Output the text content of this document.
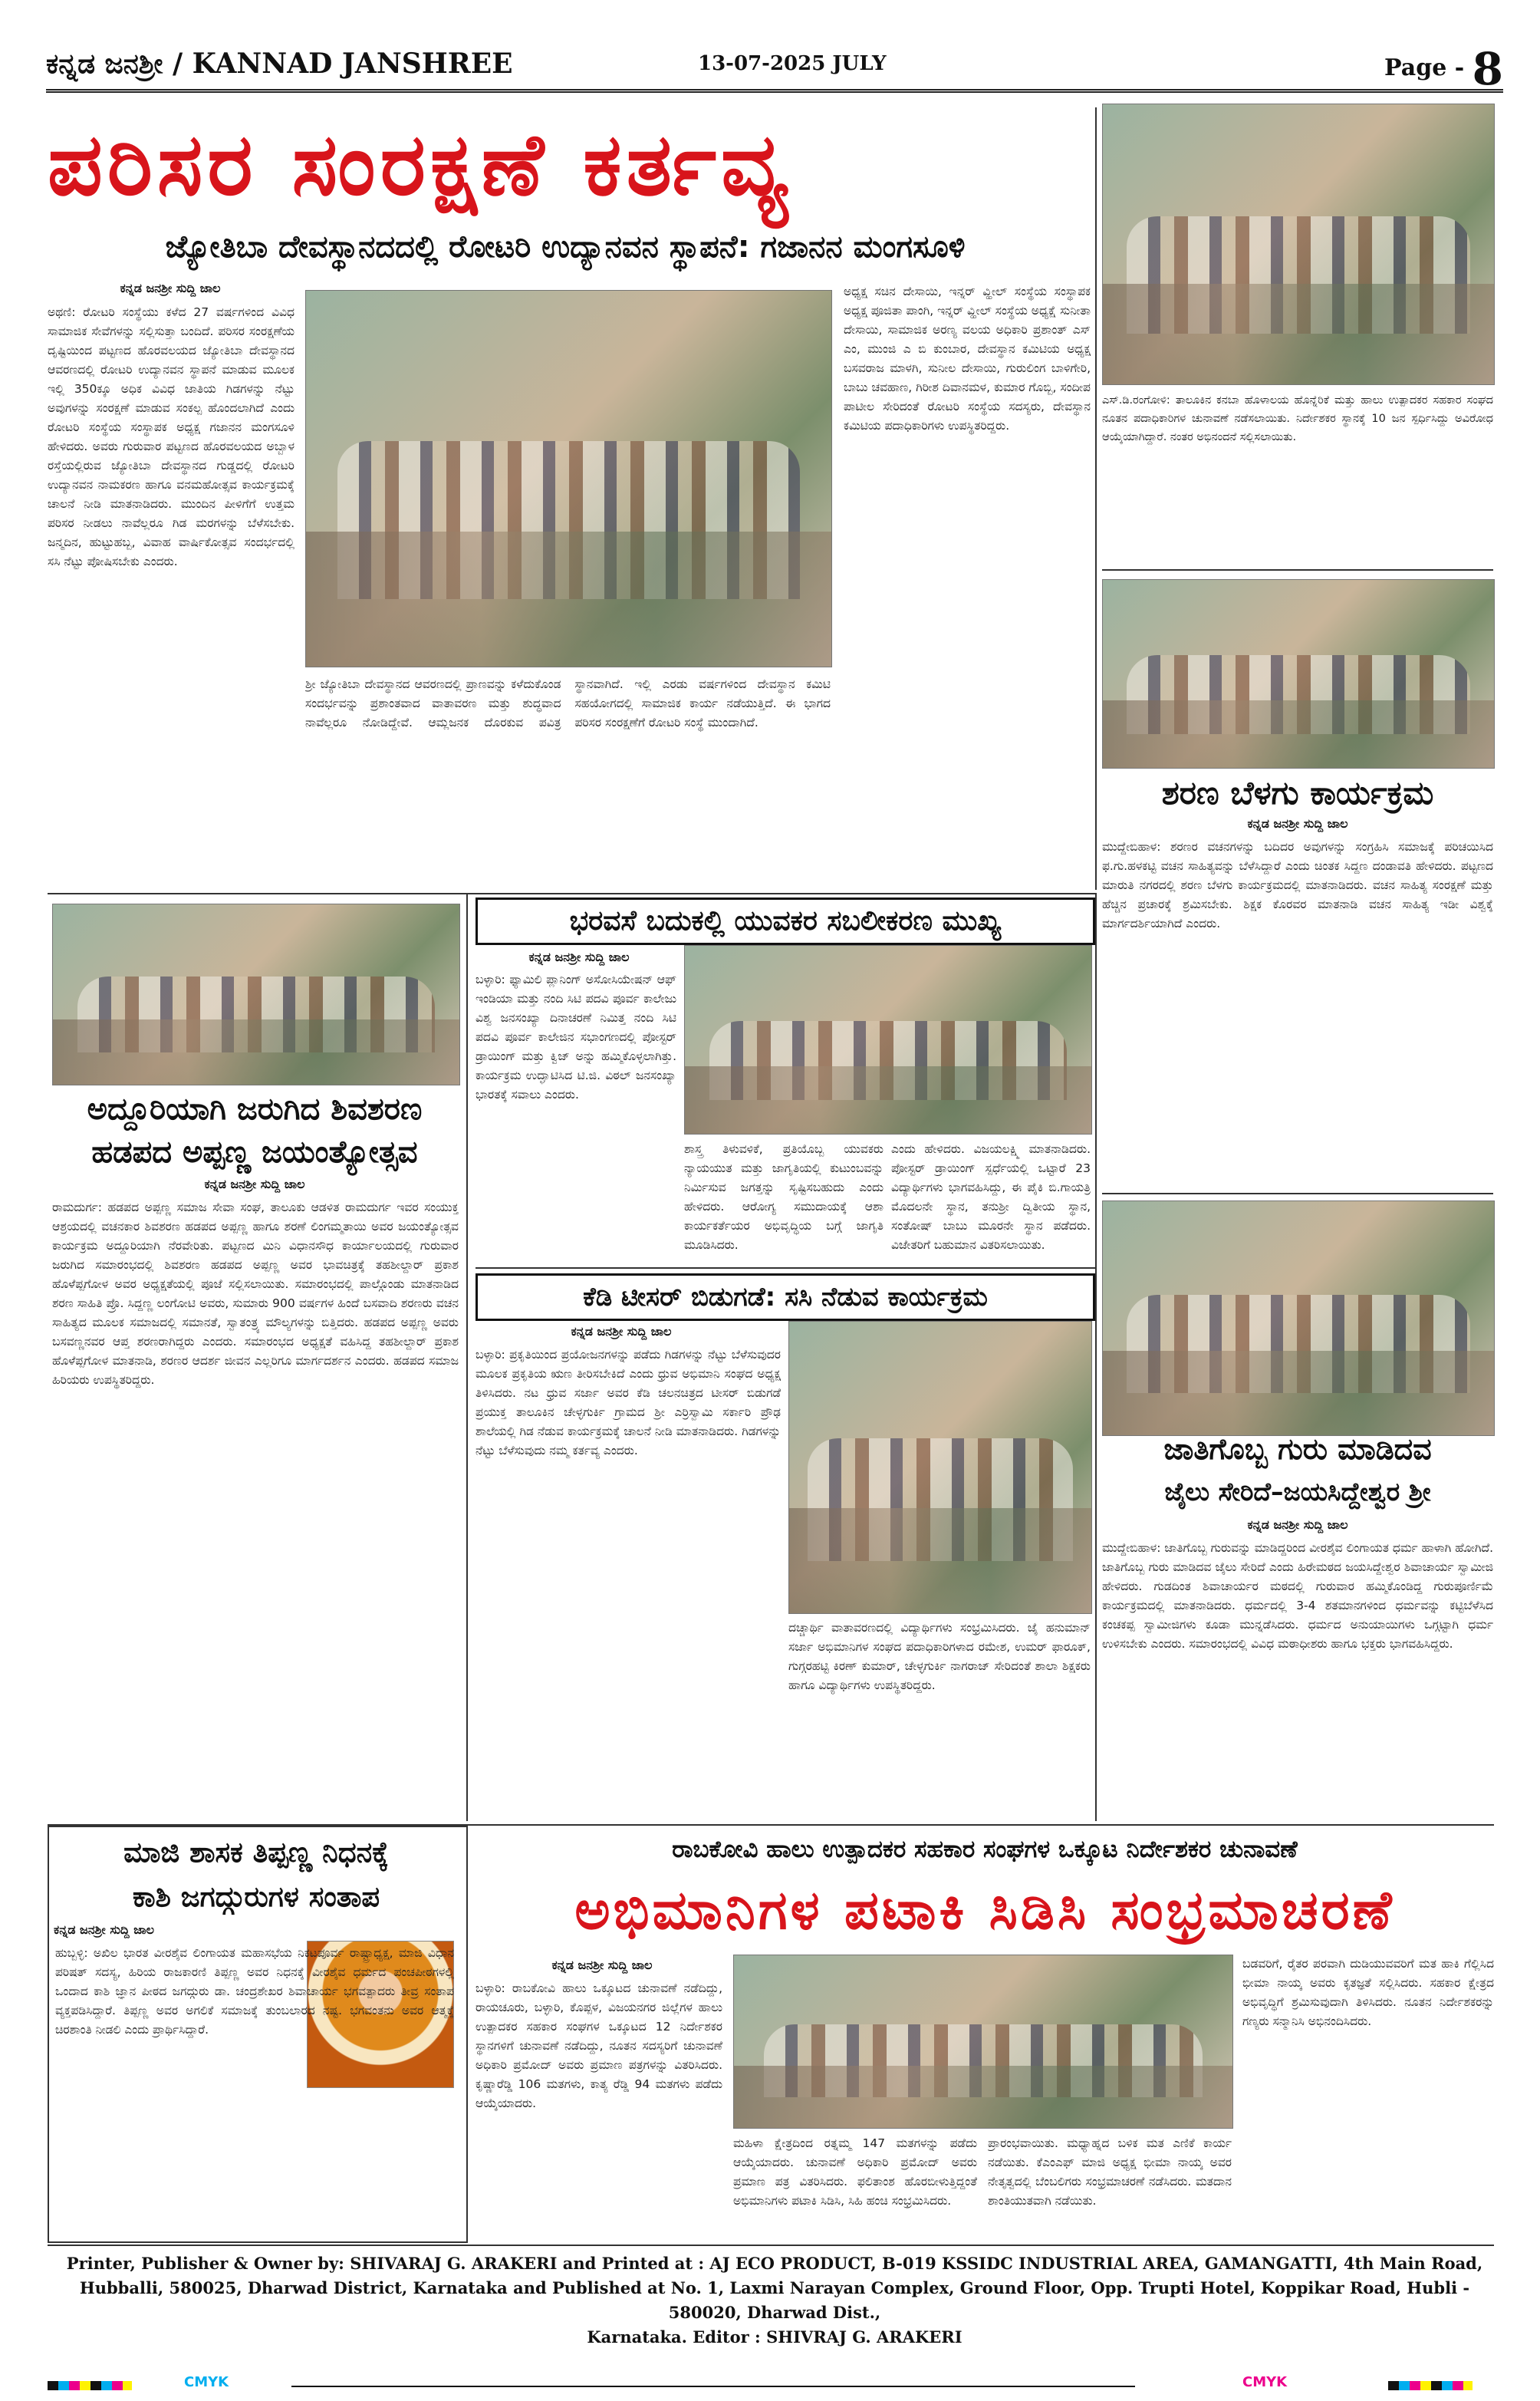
ಕನ್ನಡ ಜನಶ್ರೀ / KANNAD JANSHREE	13-07-2025 JULY	Page - 8
ಪರಿಸರ ಸಂರಕ್ಷಣೆ ಕರ್ತವ್ಯ
ಜ್ಯೋತಿಬಾ ದೇವಸ್ಥಾನದದಲ್ಲಿ ರೋಟರಿ ಉದ್ಯಾನವನ ಸ್ಥಾಪನೆ: ಗಜಾನನ ಮಂಗಸೂಳಿ
ಕನ್ನಡ ಜನಶ್ರೀ ಸುದ್ದಿ ಜಾಲ
ಅಥಣಿ: ರೋಟರಿ ಸಂಸ್ಥೆಯು ಕಳೆದ 27 ವರ್ಷಗಳಿಂದ ವಿವಿಧ ಸಾಮಾಜಿಕ ಸೇವೆಗಳನ್ನು ಸಲ್ಲಿಸುತ್ತಾ ಬಂದಿದೆ. ಪರಿಸರ ಸಂರಕ್ಷಣೆಯ ದೃಷ್ಟಿಯಿಂದ ಪಟ್ಟಣದ ಹೊರವಲಯದ ಜ್ಯೋತಿಬಾ ದೇವಸ್ಥಾನದ ಆವರಣದಲ್ಲಿ ರೋಟರಿ ಉದ್ಯಾನವನ ಸ್ಥಾಪನೆ ಮಾಡುವ ಮೂಲಕ ಇಲ್ಲಿ 350ಕ್ಕೂ ಅಧಿಕ ವಿವಿಧ ಜಾತಿಯ ಗಿಡಗಳನ್ನು ನೆಟ್ಟು ಅವುಗಳನ್ನು ಸಂರಕ್ಷಣೆ ಮಾಡುವ ಸಂಕಲ್ಪ ಹೊಂದಲಾಗಿದೆ ಎಂದು ರೋಟರಿ ಸಂಸ್ಥೆಯ ಸಂಸ್ಥಾಪಕ ಅಧ್ಯಕ್ಷ ಗಜಾನನ ಮಂಗಸೂಳಿ ಹೇಳಿದರು. ಅವರು ಗುರುವಾರ ಪಟ್ಟಣದ ಹೊರವಲಯದ ಅಬ್ಬಾಳ ರಸ್ತೆಯಲ್ಲಿರುವ ಜ್ಯೋತಿಬಾ ದೇವಸ್ಥಾನದ ಗುಡ್ಡದಲ್ಲಿ ರೋಟರಿ ಉದ್ಯಾನವನ ನಾಮಕರಣ ಹಾಗೂ ವನಮಹೋತ್ಸವ ಕಾರ್ಯಕ್ರಮಕ್ಕೆ ಚಾಲನೆ ನೀಡಿ ಮಾತನಾಡಿದರು. ಮುಂದಿನ ಪೀಳಿಗೆಗೆ ಉತ್ತಮ ಪರಿಸರ ನೀಡಲು ನಾವೆಲ್ಲರೂ ಗಿಡ ಮರಗಳನ್ನು ಬೆಳೆಸಬೇಕು. ಜನ್ಮದಿನ, ಹುಟ್ಟುಹಬ್ಬ, ವಿವಾಹ ವಾರ್ಷಿಕೋತ್ಸವ ಸಂದರ್ಭದಲ್ಲಿ ಸಸಿ ನೆಟ್ಟು ಪೋಷಿಸಬೇಕು ಎಂದರು.
ಶ್ರೀ ಜ್ಯೋತಿಬಾ ದೇವಸ್ಥಾನದ ಆವರಣದಲ್ಲಿ ಪ್ರಾಣವನ್ನು ಕಳೆದುಕೊಂಡ ಸಂದರ್ಭವನ್ನು ಪ್ರಶಾಂತವಾದ ವಾತಾವರಣ ಮತ್ತು ಶುದ್ಧವಾದ ನಾವೆಲ್ಲರೂ ನೋಡಿದ್ದೇವೆ. ಆಮ್ಲಜನಕ ದೊರಕುವ ಪವಿತ್ರ ಸ್ಥಾನವಾಗಿದೆ. ಇಲ್ಲಿ ಎರಡು ವರ್ಷಗಳಿಂದ ದೇವಸ್ಥಾನ ಕಮಿಟಿ ಸಹಯೋಗದಲ್ಲಿ ಸಾಮಾಜಿಕ ಕಾರ್ಯ ನಡೆಯುತ್ತಿದೆ. ಈ ಭಾಗದ ಪರಿಸರ ಸಂರಕ್ಷಣೆಗೆ ರೋಟರಿ ಸಂಸ್ಥೆ ಮುಂದಾಗಿದೆ.
ಅಧ್ಯಕ್ಷ ಸಚಿನ ದೇಸಾಯಿ, ಇನ್ನರ್ ವ್ಹೀಲ್ ಸಂಸ್ಥೆಯ ಸಂಸ್ಥಾಪಕ ಅಧ್ಯಕ್ಷ ಪೂಜಿತಾ ಪಾಂಗಿ, ಇನ್ನರ್ ವ್ಹೀಲ್ ಸಂಸ್ಥೆಯ ಅಧ್ಯಕ್ಷೆ ಸುನೀತಾ ದೇಸಾಯಿ, ಸಾಮಾಜಿಕ ಅರಣ್ಯ ವಲಯ ಅಧಿಕಾರಿ ಪ್ರಶಾಂತ್ ಎಸ್ ಎಂ, ಮುಂಜಿ ಎ ಬಿ ಕುಂಬಾರ, ದೇವಸ್ಥಾನ ಕಮಿಟಿಯ ಅಧ್ಯಕ್ಷ ಬಸವರಾಜ ಮಾಳಗಿ, ಸುನೀಲ ದೇಸಾಯಿ, ಗುರುಲಿಂಗ ಬಾಳಿಗೇರಿ, ಬಾಬು ಚವಹಾಣ, ಗಿರೀಶ ದಿವಾನಮಳ, ಕುಮಾರ ಗೊಬ್ಬಿ, ಸಂದೀಪ ಪಾಟೀಲ ಸೇರಿದಂತೆ ರೋಟರಿ ಸಂಸ್ಥೆಯ ಸದಸ್ಯರು, ದೇವಸ್ಥಾನ ಕಮಿಟಿಯ ಪದಾಧಿಕಾರಿಗಳು ಉಪಸ್ಥಿತರಿದ್ದರು.
ಎಸ್.ಡಿ.ರಂಗೋಳಿ: ತಾಲೂಕಿನ ಕನಬಾ ಹೊಳಾಲಯ ಹೊನ್ನೆರಿಕೆ ಮತ್ತು ಹಾಲು ಉತ್ಪಾದಕರ ಸಹಕಾರ ಸಂಘದ ನೂತನ ಪದಾಧಿಕಾರಿಗಳ ಚುನಾವಣೆ ನಡೆಸಲಾಯಿತು. ನಿರ್ದೇಶಕರ ಸ್ಥಾನಕ್ಕೆ 10 ಜನ ಸ್ಪರ್ಧಿಸಿದ್ದು ಅವಿರೋಧ ಆಯ್ಕೆಯಾಗಿದ್ದಾರೆ. ನಂತರ ಅಭಿನಂದನೆ ಸಲ್ಲಿಸಲಾಯಿತು.
ಶರಣ ಬೆಳಗು ಕಾರ್ಯಕ್ರಮ
ಕನ್ನಡ ಜನಶ್ರೀ ಸುದ್ದಿ ಜಾಲ
ಮುದ್ದೇಬಿಹಾಳ: ಶರಣರ ವಚನಗಳನ್ನು ಬದಿದರ ಅವುಗಳನ್ನು ಸಂಗ್ರಹಿಸಿ ಸಮಾಜಕ್ಕೆ ಪರಿಚಯಿಸಿದ ಫ.ಗು.ಹಳಕಟ್ಟಿ ವಚನ ಸಾಹಿತ್ಯವನ್ನು ಬೆಳೆಸಿದ್ದಾರೆ ಎಂದು ಚಿಂತಕ ಸಿದ್ದಣ ದಂಡಾವತಿ ಹೇಳಿದರು. ಪಟ್ಟಣದ ಮಾರುತಿ ನಗರದಲ್ಲಿ ಶರಣ ಬೆಳಗು ಕಾರ್ಯಕ್ರಮದಲ್ಲಿ ಮಾತನಾಡಿದರು. ವಚನ ಸಾಹಿತ್ಯ ಸಂರಕ್ಷಣೆ ಮತ್ತು ಹೆಚ್ಚಿನ ಪ್ರಚಾರಕ್ಕೆ ಶ್ರಮಿಸಬೇಕು. ಶಿಕ್ಷಕ ಕೊರವರ ಮಾತನಾಡಿ ವಚನ ಸಾಹಿತ್ಯ ಇಡೀ ವಿಶ್ವಕ್ಕೆ ಮಾರ್ಗದರ್ಶಿಯಾಗಿದೆ ಎಂದರು.
ಅದ್ದೂರಿಯಾಗಿ ಜರುಗಿದ ಶಿವಶರಣ
ಹಡಪದ ಅಪ್ಪಣ್ಣ ಜಯಂತ್ಯೋತ್ಸವ
ಕನ್ನಡ ಜನಶ್ರೀ ಸುದ್ದಿ ಜಾಲ
ರಾಮದುರ್ಗ: ಹಡಪದ ಅಪ್ಪಣ್ಣ ಸಮಾಜ ಸೇವಾ ಸಂಘ, ತಾಲೂಕು ಆಡಳಿತ ರಾಮದುರ್ಗ ಇವರ ಸಂಯುಕ್ತ ಆಶ್ರಯದಲ್ಲಿ ವಚನಕಾರ ಶಿವಶರಣ ಹಡಪದ ಅಪ್ಪಣ್ಣ ಹಾಗೂ ಶರಣೆ ಲಿಂಗಮ್ಮತಾಯಿ ಅವರ ಜಯಂತ್ಯೋತ್ಸವ ಕಾರ್ಯಕ್ರಮ ಅದ್ದೂರಿಯಾಗಿ ನೆರವೇರಿತು. ಪಟ್ಟಣದ ಮಿನಿ ವಿಧಾನಸೌಧ ಕಾರ್ಯಾಲಯದಲ್ಲಿ ಗುರುವಾರ ಜರುಗಿದ ಸಮಾರಂಭದಲ್ಲಿ ಶಿವಶರಣ ಹಡಪದ ಅಪ್ಪಣ್ಣ ಅವರ ಭಾವಚಿತ್ರಕ್ಕೆ ತಹಶೀಲ್ದಾರ್ ಪ್ರಕಾಶ ಹೊಳೆಪ್ಪಗೋಳ ಅವರ ಅಧ್ಯಕ್ಷತೆಯಲ್ಲಿ ಪೂಜೆ ಸಲ್ಲಿಸಲಾಯಿತು. ಸಮಾರಂಭದಲ್ಲಿ ಪಾಲ್ಗೊಂಡು ಮಾತನಾಡಿದ ಶರಣ ಸಾಹಿತಿ ಪ್ರೊ. ಸಿದ್ದಣ್ಣ ಲಂಗೋಟಿ ಅವರು, ಸುಮಾರು 900 ವರ್ಷಗಳ ಹಿಂದೆ ಬಸವಾದಿ ಶರಣರು ವಚನ ಸಾಹಿತ್ಯದ ಮೂಲಕ ಸಮಾಜದಲ್ಲಿ ಸಮಾನತೆ, ಸ್ವಾತಂತ್ರ್ಯ ಮೌಲ್ಯಗಳನ್ನು ಬಿತ್ತಿದರು. ಹಡಪದ ಅಪ್ಪಣ್ಣ ಅವರು ಬಸವಣ್ಣನವರ ಆಪ್ತ ಶರಣರಾಗಿದ್ದರು ಎಂದರು. ಸಮಾರಂಭದ ಅಧ್ಯಕ್ಷತೆ ವಹಿಸಿದ್ದ ತಹಶೀಲ್ದಾರ್ ಪ್ರಕಾಶ ಹೊಳೆಪ್ಪಗೋಳ ಮಾತನಾಡಿ, ಶರಣರ ಆದರ್ಶ ಜೀವನ ಎಲ್ಲರಿಗೂ ಮಾರ್ಗದರ್ಶನ ಎಂದರು. ಹಡಪದ ಸಮಾಜ ಹಿರಿಯರು ಉಪಸ್ಥಿತರಿದ್ದರು.
ಭರವಸೆ ಬದುಕಲ್ಲಿ ಯುವಕರ ಸಬಲೀಕರಣ ಮುಖ್ಯ
ಕನ್ನಡ ಜನಶ್ರೀ ಸುದ್ದಿ ಜಾಲ
ಬಳ್ಳಾರಿ: ಫ್ಯಾಮಿಲಿ ಪ್ಲಾನಿಂಗ್ ಅಸೋಸಿಯೇಷನ್ ಆಫ್ ಇಂಡಿಯಾ ಮತ್ತು ನಂದಿ ಸಿಟಿ ಪದವಿ ಪೂರ್ವ ಕಾಲೇಜು ವಿಶ್ವ ಜನಸಂಖ್ಯಾ ದಿನಾಚರಣೆ ನಿಮಿತ್ತ ನಂದಿ ಸಿಟಿ ಪದವಿ ಪೂರ್ವ ಕಾಲೇಜಿನ ಸಭಾಂಗಣದಲ್ಲಿ ಪೋಸ್ಟರ್ ಡ್ರಾಯಿಂಗ್ ಮತ್ತು ಕ್ವಿಜ್ ಅನ್ನು ಹಮ್ಮಿಕೊಳ್ಳಲಾಗಿತ್ತು. ಕಾರ್ಯಕ್ರಮ ಉದ್ಘಾಟಿಸಿದ ಟಿ.ಜಿ. ವಿಠಲ್ ಜನಸಂಖ್ಯಾ ಭಾರತಕ್ಕೆ ಸವಾಲು ಎಂದರು.
ಶಾಸ್ತ್ರ ತಿಳುವಳಿಕೆ, ಪ್ರತಿಯೊಬ್ಬ ಯುವಕರು ನ್ಯಾಯಯುತ ಮತ್ತು ಜಾಗೃತಿಯಲ್ಲಿ ಕುಟುಂಬವನ್ನು ನಿರ್ಮಿಸುವ ಜಗತ್ತನ್ನು ಸೃಷ್ಟಿಸಬಹುದು ಎಂದು ಹೇಳಿದರು. ಆರೋಗ್ಯ ಸಮುದಾಯಕ್ಕೆ ಆಶಾ ಕಾರ್ಯಕರ್ತೆಯರ ಅಭಿವೃದ್ಧಿಯ ಬಗ್ಗೆ ಜಾಗೃತಿ ಮೂಡಿಸಿದರು.
ಎಂದು ಹೇಳಿದರು. ವಿಜಯಲಕ್ಷ್ಮಿ ಮಾತನಾಡಿದರು. ಪೋಸ್ಟರ್ ಡ್ರಾಯಿಂಗ್ ಸ್ಪರ್ಧೆಯಲ್ಲಿ ಒಟ್ಟಾರೆ 23 ವಿದ್ಯಾರ್ಥಿಗಳು ಭಾಗವಹಿಸಿದ್ದು, ಈ ಪೈಕಿ ಬಿ.ಗಾಯತ್ರಿ ಮೊದಲನೇ ಸ್ಥಾನ, ತನುಶ್ರೀ ದ್ವಿತೀಯ ಸ್ಥಾನ, ಸಂತೋಷ್ ಬಾಬು ಮೂರನೇ ಸ್ಥಾನ ಪಡೆದರು. ವಿಜೇತರಿಗೆ ಬಹುಮಾನ ವಿತರಿಸಲಾಯಿತು.
ಕೆಡಿ ಟೀಸರ್ ಬಿಡುಗಡೆ: ಸಸಿ ನೆಡುವ ಕಾರ್ಯಕ್ರಮ
ಕನ್ನಡ ಜನಶ್ರೀ ಸುದ್ದಿ ಜಾಲ
ಬಳ್ಳಾರಿ: ಪ್ರಕೃತಿಯಿಂದ ಪ್ರಯೋಜನಗಳನ್ನು ಪಡೆದು ಗಿಡಗಳನ್ನು ನೆಟ್ಟು ಬೆಳೆಸುವುದರ ಮೂಲಕ ಪ್ರಕೃತಿಯ ಋಣ ತೀರಿಸಬೇಕಿದೆ ಎಂದು ಧ್ರುವ ಅಭಿಮಾನಿ ಸಂಘದ ಅಧ್ಯಕ್ಷ ತಿಳಿಸಿದರು. ನಟ ಧ್ರುವ ಸರ್ಜಾ ಅವರ ಕೆಡಿ ಚಲನಚಿತ್ರದ ಟೀಸರ್ ಬಿಡುಗಡೆ ಪ್ರಯುಕ್ತ ತಾಲೂಕಿನ ಚೇಳ್ಳಗುರ್ಕಿ ಗ್ರಾಮದ ಶ್ರೀ ಎರ್ರಿಸ್ವಾಮಿ ಸರ್ಕಾರಿ ಪ್ರೌಢ ಶಾಲೆಯಲ್ಲಿ ಗಿಡ ನೆಡುವ ಕಾರ್ಯಕ್ರಮಕ್ಕೆ ಚಾಲನೆ ನೀಡಿ ಮಾತನಾಡಿದರು. ಗಿಡಗಳನ್ನು ನೆಟ್ಟು ಬೆಳೆಸುವುದು ನಮ್ಮ ಕರ್ತವ್ಯ ಎಂದರು.
ದಚ್ಚಾರ್ಥಿ ವಾತಾವರಣದಲ್ಲಿ ವಿದ್ಯಾರ್ಥಿಗಳು ಸಂಭ್ರಮಿಸಿದರು. ಜೈ ಹನುಮಾನ್ ಸರ್ಜಾ ಅಭಿಮಾನಿಗಳ ಸಂಘದ ಪದಾಧಿಕಾರಿಗಳಾದ ರಮೇಶ, ಉಮರ್ ಫಾರೂಕ್, ಗುಗ್ಗರಹಟ್ಟಿ ಕಿರಣ್ ಕುಮಾರ್, ಚೇಳ್ಳಗುರ್ಕಿ ನಾಗರಾಜ್ ಸೇರಿದಂತೆ ಶಾಲಾ ಶಿಕ್ಷಕರು ಹಾಗೂ ವಿದ್ಯಾರ್ಥಿಗಳು ಉಪಸ್ಥಿತರಿದ್ದರು.
ಜಾತಿಗೊಬ್ಬ ಗುರು ಮಾಡಿದವ
ಜೈಲು ಸೇರಿದೆ–ಜಯಸಿದ್ದೇಶ್ವರ ಶ್ರೀ
ಕನ್ನಡ ಜನಶ್ರೀ ಸುದ್ದಿ ಜಾಲ
ಮುದ್ದೇಬಿಹಾಳ: ಜಾತಿಗೊಬ್ಬ ಗುರುವನ್ನು ಮಾಡಿದ್ದರಿಂದ ವೀರಶೈವ ಲಿಂಗಾಯತ ಧರ್ಮ ಹಾಳಾಗಿ ಹೋಗಿದೆ. ಜಾತಿಗೊಬ್ಬ ಗುರು ಮಾಡಿದವ ಜೈಲು ಸೇರಿದೆ ಎಂದು ಹಿರೇಮಠದ ಜಯಸಿದ್ದೇಶ್ವರ ಶಿವಾಚಾರ್ಯ ಸ್ವಾಮೀಜಿ ಹೇಳಿದರು. ಗುಡದಿಂತ ಶಿವಾಚಾರ್ಯರ ಮಠದಲ್ಲಿ ಗುರುವಾರ ಹಮ್ಮಿಕೊಂಡಿದ್ದ ಗುರುಪೂರ್ಣಿಮೆ ಕಾರ್ಯಕ್ರಮದಲ್ಲಿ ಮಾತನಾಡಿದರು. ಧರ್ಮದಲ್ಲಿ 3-4 ಶತಮಾನಗಳಿಂದ ಧರ್ಮವನ್ನು ಕಟ್ಟಿಬೆಳೆಸಿದ ಕಂಚಕಪ್ಪ ಸ್ವಾಮೀಜಿಗಳು ಕೂಡಾ ಮುನ್ನಡೆಸಿದರು. ಧರ್ಮದ ಅನುಯಾಯಿಗಳು ಒಗ್ಗಟ್ಟಾಗಿ ಧರ್ಮ ಉಳಿಸಬೇಕು ಎಂದರು. ಸಮಾರಂಭದಲ್ಲಿ ವಿವಿಧ ಮಠಾಧೀಶರು ಹಾಗೂ ಭಕ್ತರು ಭಾಗವಹಿಸಿದ್ದರು.
ರಾಬಕೋವಿ ಹಾಲು ಉತ್ಪಾದಕರ ಸಹಕಾರ ಸಂಘಗಳ ಒಕ್ಕೂಟ ನಿರ್ದೇಶಕರ ಚುನಾವಣೆ
ಅಭಿಮಾನಿಗಳ ಪಟಾಕಿ ಸಿಡಿಸಿ ಸಂಭ್ರಮಾಚರಣೆ
ಕನ್ನಡ ಜನಶ್ರೀ ಸುದ್ದಿ ಜಾಲ
ಬಳ್ಳಾರಿ: ರಾಬಕೋವಿ ಹಾಲು ಒಕ್ಕೂಟದ ಚುನಾವಣೆ ನಡೆದಿದ್ದು, ರಾಯಚೂರು, ಬಳ್ಳಾರಿ, ಕೊಪ್ಪಳ, ವಿಜಯನಗರ ಜಿಲ್ಲೆಗಳ ಹಾಲು ಉತ್ಪಾದಕರ ಸಹಕಾರ ಸಂಘಗಳ ಒಕ್ಕೂಟದ 12 ನಿರ್ದೇಶಕರ ಸ್ಥಾನಗಳಿಗೆ ಚುನಾವಣೆ ನಡೆದಿದ್ದು, ನೂತನ ಸದಸ್ಯರಿಗೆ ಚುನಾವಣೆ ಅಧಿಕಾರಿ ಪ್ರಮೋದ್ ಅವರು ಪ್ರಮಾಣ ಪತ್ರಗಳನ್ನು ವಿತರಿಸಿದರು. ಕೃಷ್ಣಾರೆಡ್ಡಿ 106 ಮತಗಳು, ಕಾತ್ಯ ರೆಡ್ಡಿ 94 ಮತಗಳು ಪಡೆದು ಆಯ್ಕೆಯಾದರು.
ಮಹಿಳಾ ಕ್ಷೇತ್ರದಿಂದ ರತ್ನಮ್ಮ 147 ಮತಗಳನ್ನು ಪಡೆದು ಆಯ್ಕೆಯಾದರು. ಚುನಾವಣೆ ಅಧಿಕಾರಿ ಪ್ರಮೋದ್ ಅವರು ಪ್ರಮಾಣ ಪತ್ರ ವಿತರಿಸಿದರು. ಫಲಿತಾಂಶ ಹೊರಬೀಳುತ್ತಿದ್ದಂತೆ ಅಭಿಮಾನಿಗಳು ಪಟಾಕಿ ಸಿಡಿಸಿ, ಸಿಹಿ ಹಂಚಿ ಸಂಭ್ರಮಿಸಿದರು.
ಪ್ರಾರಂಭವಾಯಿತು. ಮಧ್ಯಾಹ್ನದ ಬಳಿಕ ಮತ ಎಣಿಕೆ ಕಾರ್ಯ ನಡೆಯಿತು. ಕೆಎಂಎಫ್ ಮಾಜಿ ಅಧ್ಯಕ್ಷ ಭೀಮಾ ನಾಯ್ಕ ಅವರ ನೇತೃತ್ವದಲ್ಲಿ ಬೆಂಬಲಿಗರು ಸಂಭ್ರಮಾಚರಣೆ ನಡೆಸಿದರು. ಮತದಾನ ಶಾಂತಿಯುತವಾಗಿ ನಡೆಯಿತು.
ಬಡವರಿಗೆ, ರೈತರ ಪರವಾಗಿ ದುಡಿಯುವವರಿಗೆ ಮತ ಹಾಕಿ ಗೆಲ್ಲಿಸಿದ ಭೀಮಾ ನಾಯ್ಕ ಅವರು ಕೃತಜ್ಞತೆ ಸಲ್ಲಿಸಿದರು. ಸಹಕಾರ ಕ್ಷೇತ್ರದ ಅಭಿವೃದ್ಧಿಗೆ ಶ್ರಮಿಸುವುದಾಗಿ ತಿಳಿಸಿದರು. ನೂತನ ನಿರ್ದೇಶಕರನ್ನು ಗಣ್ಯರು ಸನ್ಮಾನಿಸಿ ಅಭಿನಂದಿಸಿದರು.
ಮಾಜಿ ಶಾಸಕ ತಿಪ್ಪಣ್ಣ ನಿಧನಕ್ಕೆ
ಕಾಶಿ ಜಗದ್ಗುರುಗಳ ಸಂತಾಪ
ಕನ್ನಡ ಜನಶ್ರೀ ಸುದ್ದಿ ಜಾಲ
ಹುಬ್ಬಳ್ಳಿ: ಅಖಿಲ ಭಾರತ ವೀರಶೈವ ಲಿಂಗಾಯತ ಮಹಾಸಭೆಯ ನಿಕಟಪೂರ್ವ ರಾಷ್ಟ್ರಾಧ್ಯಕ್ಷ, ಮಾಜಿ ವಿಧಾನ ಪರಿಷತ್ ಸದಸ್ಯ, ಹಿರಿಯ ರಾಜಕಾರಣಿ ತಿಪ್ಪಣ್ಣ ಅವರ ನಿಧನಕ್ಕೆ ವೀರಶೈವ ಧರ್ಮದ ಪಂಚಪೀಠಗಳಲ್ಲಿ ಒಂದಾದ ಕಾಶಿ ಜ್ಞಾನ ಪೀಠದ ಜಗದ್ಗುರು ಡಾ. ಚಂದ್ರಶೇಖರ ಶಿವಾಚಾರ್ಯ ಭಗವತ್ಪಾದರು ತೀವ್ರ ಸಂತಾಪ ವ್ಯಕ್ತಪಡಿಸಿದ್ದಾರೆ. ತಿಪ್ಪಣ್ಣ ಅವರ ಅಗಲಿಕೆ ಸಮಾಜಕ್ಕೆ ತುಂಬಲಾರದ ನಷ್ಟ. ಭಗವಂತನು ಅವರ ಆತ್ಮಕ್ಕೆ ಚಿರಶಾಂತಿ ನೀಡಲಿ ಎಂದು ಪ್ರಾರ್ಥಿಸಿದ್ದಾರೆ.
Printer, Publisher & Owner by: SHIVARAJ G. ARAKERI and Printed at : AJ ECO PRODUCT, B-019 KSSIDC INDUSTRIAL AREA, GAMANGATTI, 4th Main Road,
Hubballi, 580025, Dharwad District, Karnataka and Published at No. 1, Laxmi Narayan Complex, Ground Floor, Opp. Trupti Hotel, Koppikar Road, Hubli - 580020, Dharwad Dist.,
Karnataka. Editor : SHIVRAJ G. ARAKERI
CMYK	CMYK
